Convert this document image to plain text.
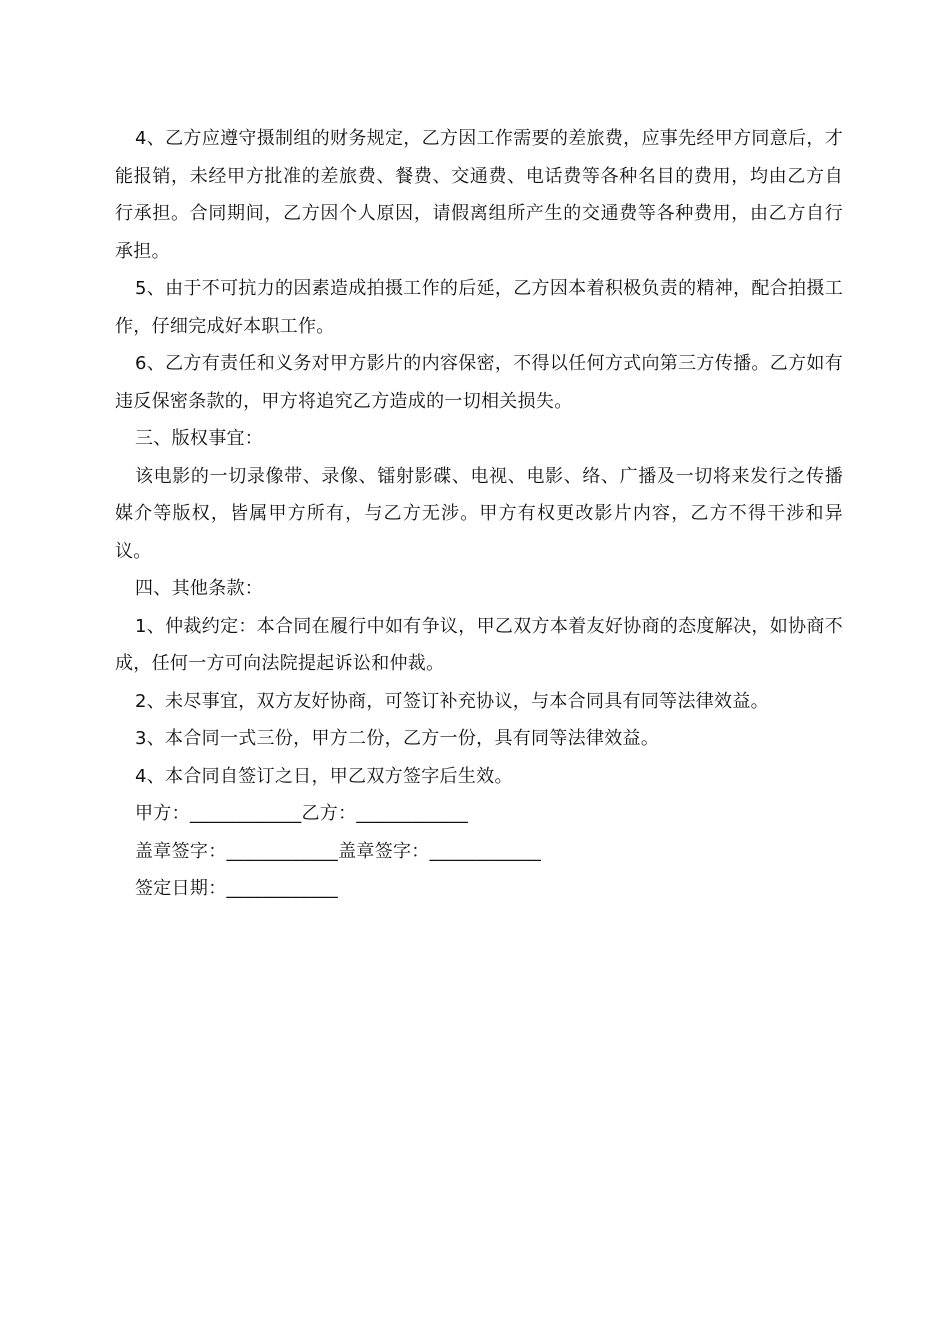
4、乙方应遵守摄制组的财务规定，乙方因工作需要的差旅费，应事先经甲方同意后，才能报销，未经甲方批准的差旅费、餐费、交通费、电话费等各种名目的费用，均由乙方自行承担。合同期间，乙方因个人原因，请假离组所产生的交通费等各种费用，由乙方自行承担。

5、由于不可抗力的因素造成拍摄工作的后延，乙方因本着积极负责的精神，配合拍摄工作，仔细完成好本职工作。

6、乙方有责任和义务对甲方影片的内容保密，不得以任何方式向第三方传播。乙方如有违反保密条款的，甲方将追究乙方造成的一切相关损失。

三、版权事宜：

该电影的一切录像带、录像、镭射影碟、电视、电影、络、广播及一切将来发行之传播媒介等版权，皆属甲方所有，与乙方无涉。甲方有权更改影片内容，乙方不得干涉和异议。

四、其他条款：

1、仲裁约定：本合同在履行中如有争议，甲乙双方本着友好协商的态度解决，如协商不成，任何一方可向法院提起诉讼和仲裁。

2、未尽事宜，双方友好协商，可签订补充协议，与本合同具有同等法律效益。

3、本合同一式三份，甲方二份，乙方一份，具有同等法律效益。

4、本合同自签订之日，甲乙双方签字后生效。

甲方：____________乙方：____________

盖章签字：____________盖章签字：____________

签定日期：____________
